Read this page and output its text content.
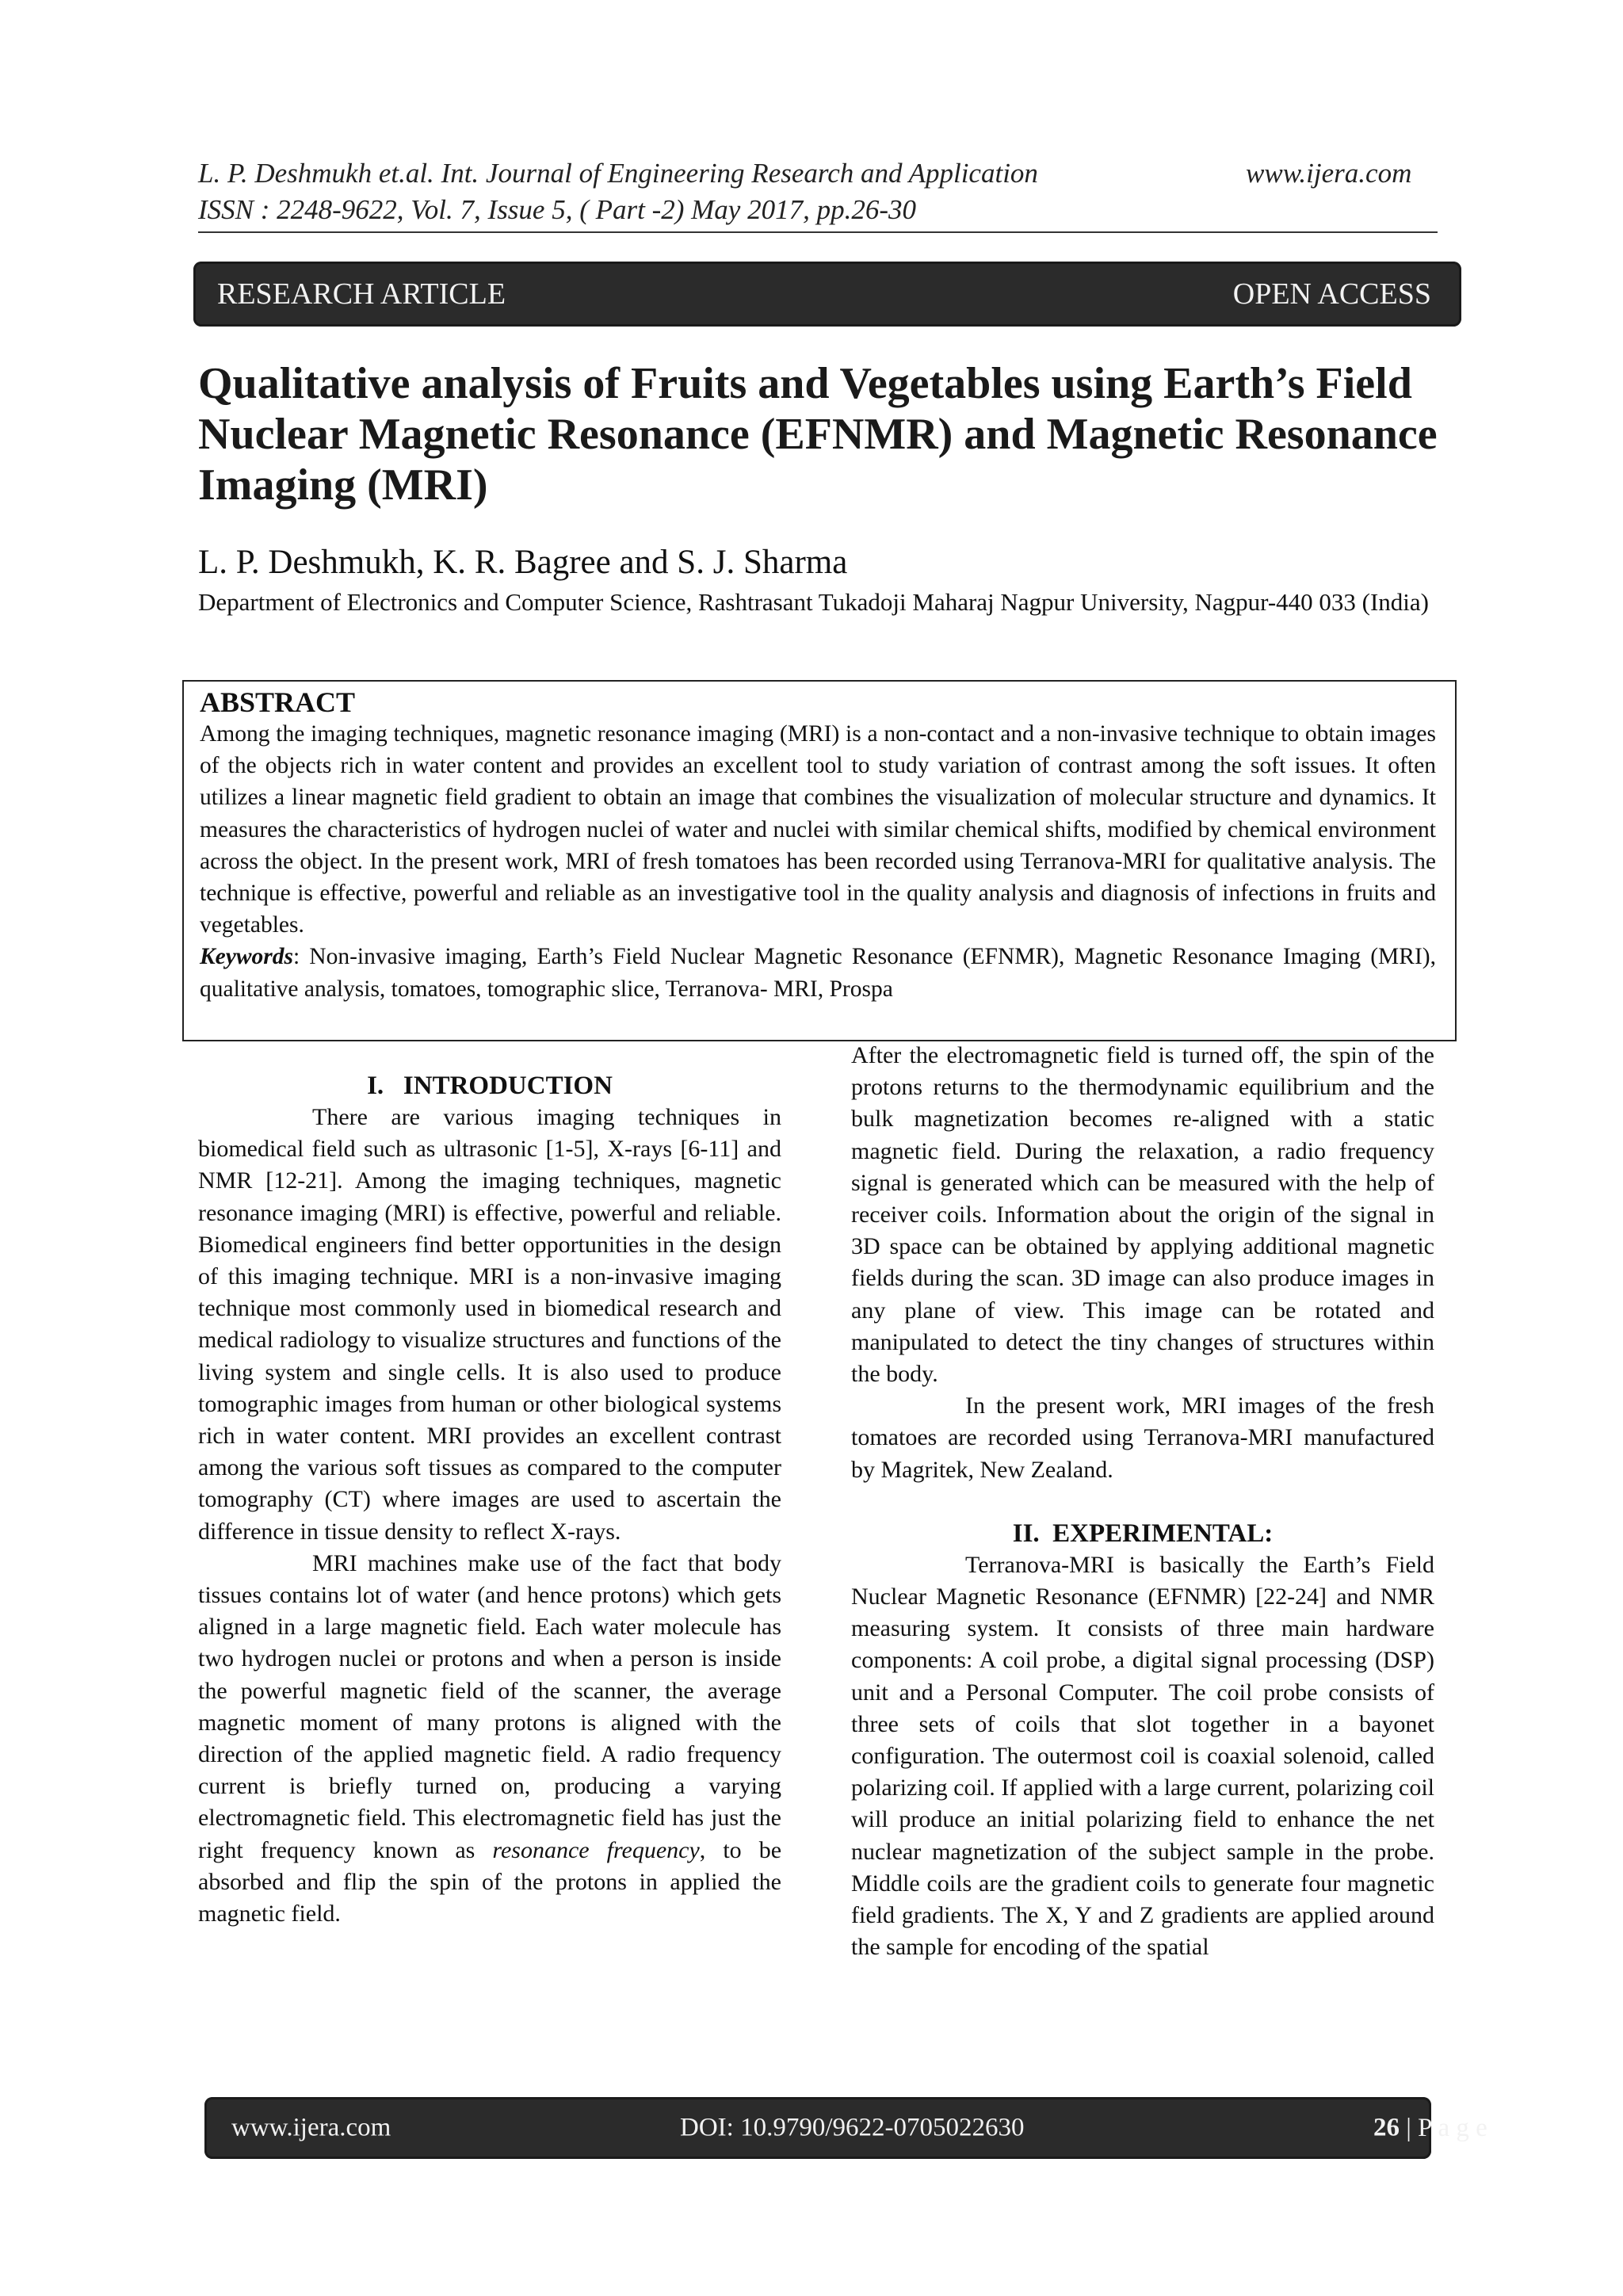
L. P. Deshmukh et.al. Int. Journal of Engineering Research and Application	www.ijera.com
ISSN : 2248-9622, Vol. 7, Issue 5, ( Part -2) May 2017, pp.26-30
RESEARCH ARTICLE	OPEN ACCESS
Qualitative analysis of Fruits and Vegetables using Earth’s Field
Nuclear Magnetic Resonance (EFNMR) and Magnetic Resonance
Imaging (MRI)
L. P. Deshmukh, K. R. Bagree and S. J. Sharma
Department of Electronics and Computer Science, Rashtrasant Tukadoji Maharaj Nagpur University, Nagpur-440 033 (India)
ABSTRACT
Among the imaging techniques, magnetic resonance imaging (MRI) is a non-contact and a non-invasive technique to obtain images of the objects rich in water content and provides an excellent tool to study variation of contrast among the soft issues. It often utilizes a linear magnetic field gradient to obtain an image that combines the visualization of molecular structure and dynamics. It measures the characteristics of hydrogen nuclei of water and nuclei with similar chemical shifts, modified by chemical environment across the object. In the present work, MRI of fresh tomatoes has been recorded using Terranova-MRI for qualitative analysis. The technique is effective, powerful and reliable as an investigative tool in the quality analysis and diagnosis of infections in fruits and vegetables.
Keywords: Non-invasive imaging, Earth’s Field Nuclear Magnetic Resonance (EFNMR), Magnetic Resonance Imaging (MRI), qualitative analysis, tomatoes, tomographic slice, Terranova- MRI, Prospa
I.   INTRODUCTION

There are various imaging techniques in biomedical field such as ultrasonic [1-5], X-rays [6-11] and NMR [12-21]. Among the imaging techniques, magnetic resonance imaging (MRI) is effective, powerful and reliable. Biomedical engineers find better opportunities in the design of this imaging technique. MRI is a non-invasive imaging technique most commonly used in biomedical research and medical radiology to visualize structures and functions of the living system and single cells. It is also used to produce tomographic images from human or other biological systems rich in water content. MRI provides an excellent contrast among the various soft tissues as compared to the computer tomography (CT) where images are used to ascertain the difference in tissue density to reflect X-rays.

MRI machines make use of the fact that body tissues contains lot of water (and hence protons) which gets aligned in a large magnetic field. Each water molecule has two hydrogen nuclei or protons and when a person is inside the powerful magnetic field of the scanner, the average magnetic moment of many protons is aligned with the direction of the applied magnetic field. A radio frequency current is briefly turned on, producing a varying electromagnetic field. This electromagnetic field has just the right frequency known as resonance frequency, to be absorbed and flip the spin of the protons in applied the magnetic field.

After the electromagnetic field is turned off, the spin of the protons returns to the thermodynamic equilibrium and the bulk magnetization becomes re-aligned with a static magnetic field. During the relaxation, a radio frequency signal is generated which can be measured with the help of receiver coils. Information about the origin of the signal in 3D space can be obtained by applying additional magnetic fields during the scan. 3D image can also produce images in any plane of view. This image can be rotated and manipulated to detect the tiny changes of structures within the body.

In the present work, MRI images of the fresh tomatoes are recorded using Terranova-MRI manufactured by Magritek, New Zealand.

II.  EXPERIMENTAL:

Terranova-MRI is basically the Earth’s Field Nuclear Magnetic Resonance (EFNMR) [22-24] and NMR measuring system. It consists of three main hardware components: A coil probe, a digital signal processing (DSP) unit and a Personal Computer. The coil probe consists of three sets of coils that slot together in a bayonet configuration. The outermost coil is coaxial solenoid, called polarizing coil. If applied with a large current, polarizing coil will produce an initial polarizing field to enhance the net nuclear magnetization of the subject sample in the probe. Middle coils are the gradient coils to generate four magnetic field gradients. The X, Y and Z gradients are applied around the sample for encoding of the spatial

www.ijera.com	DOI: 10.9790/9622-0705022630	26 | P a g e
